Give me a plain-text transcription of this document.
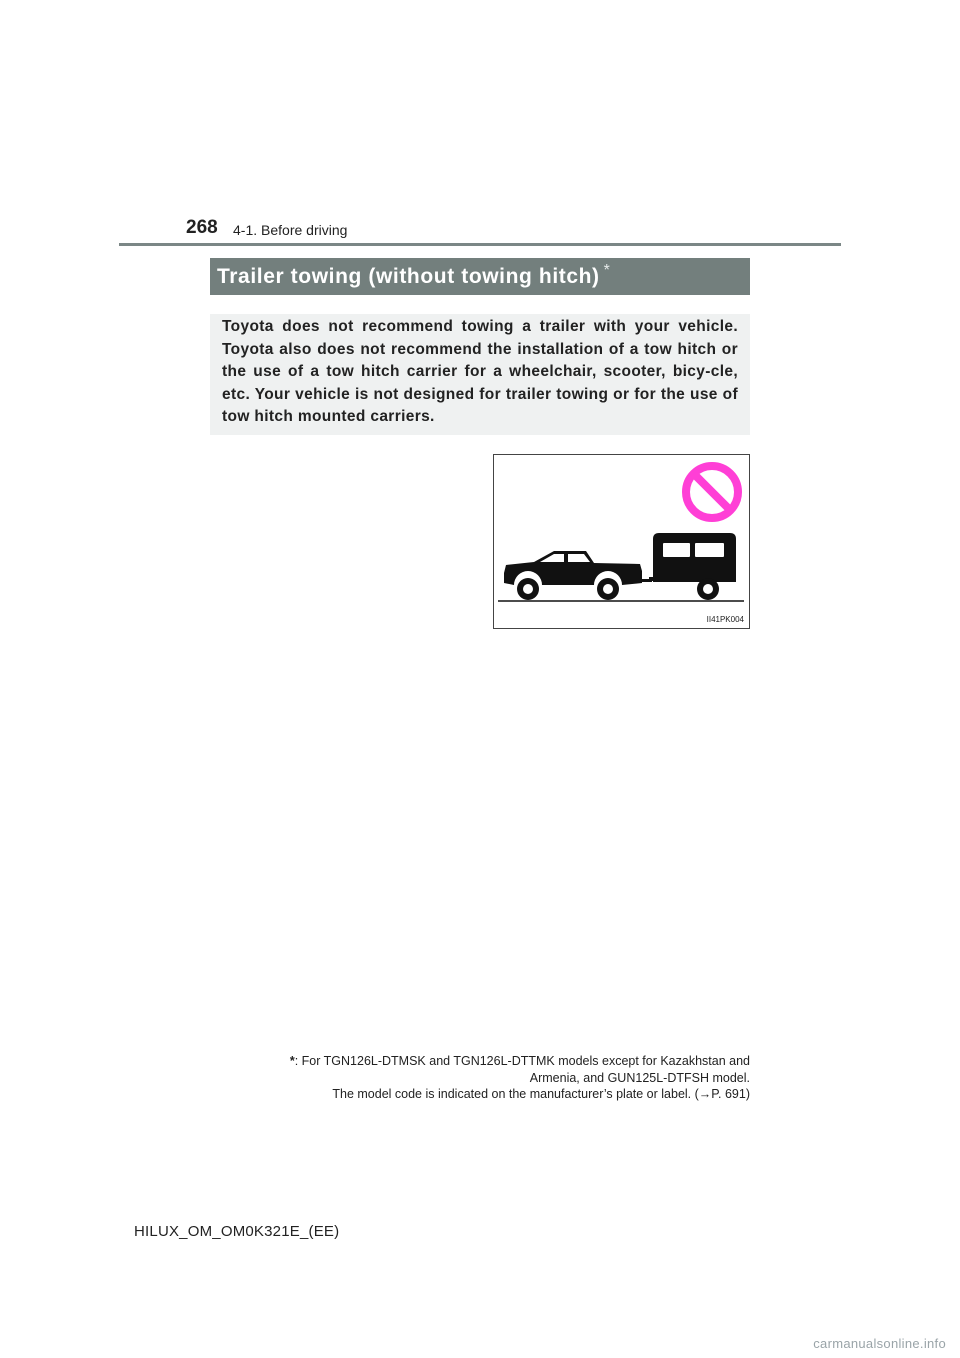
268 4-1. Before driving
Trailer towing (without towing hitch) *

Toyota does not recommend towing a trailer with your vehicle. Toyota also does not recommend the installation of a tow hitch or the use of a tow hitch carrier for a wheelchair, scooter, bicy-cle, etc. Your vehicle is not designed for trailer towing or for the use of tow hitch mounted carriers.

II41PK004
*: For TGN126L-DTMSK and TGN126L-DTTMK models except for Kazakhstan and
Armenia, and GUN125L-DTFSH model.
The model code is indicated on the manufacturer’s plate or label. (→P. 691)
HILUX_OM_OM0K321E_(EE)
carmanualsonline.info
